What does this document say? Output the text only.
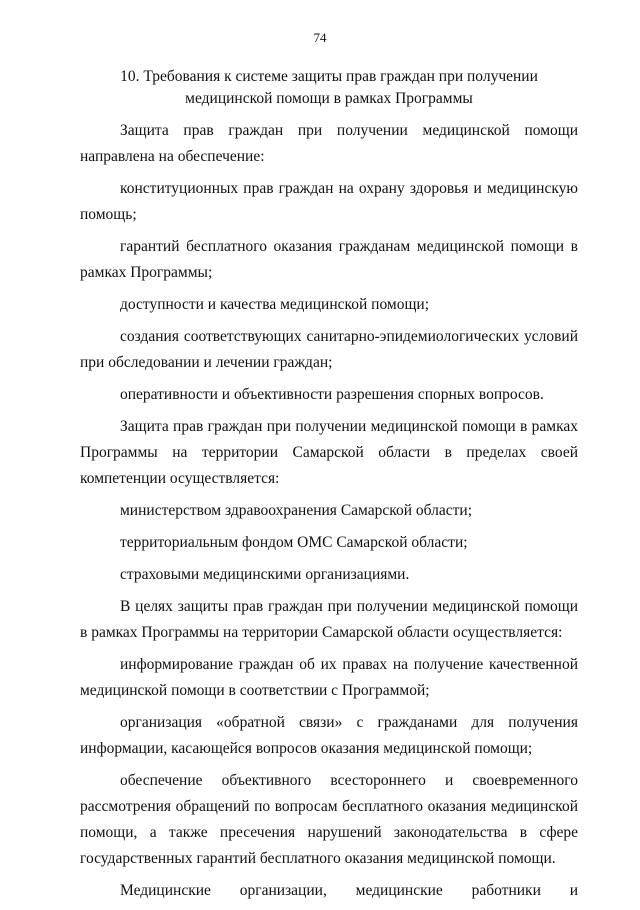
74
10. Требования к системе защиты прав граждан при получении
медицинской помощи в рамках Программы

Защита прав граждан при получении медицинской помощи направлена на обеспечение:

конституционных прав граждан на охрану здоровья и медицинскую помощь;

гарантий бесплатного оказания гражданам медицинской помощи в рамках Программы;

доступности и качества медицинской помощи;

создания соответствующих санитарно-эпидемиологических условий при обследовании и лечении граждан;

оперативности и объективности разрешения спорных вопросов.

Защита прав граждан при получении медицинской помощи в рамках Программы на территории Самарской области в пределах своей компетенции осуществляется:

министерством здравоохранения Самарской области;

территориальным фондом ОМС Самарской области;

страховыми медицинскими организациями.

В целях защиты прав граждан при получении медицинской помощи в рамках Программы на территории Самарской области осуществляется:

информирование граждан об их правах на получение качественной медицинской помощи в соответствии с Программой;

организация «обратной связи» с гражданами для получения информации, касающейся вопросов оказания медицинской помощи;

обеспечение объективного всестороннего и своевременного рассмотрения обращений по вопросам бесплатного оказания медицинской помощи, а также пресечения нарушений законодательства в сфере государственных гарантий бесплатного оказания медицинской помощи.

Медицинские организации, медицинские работники и
